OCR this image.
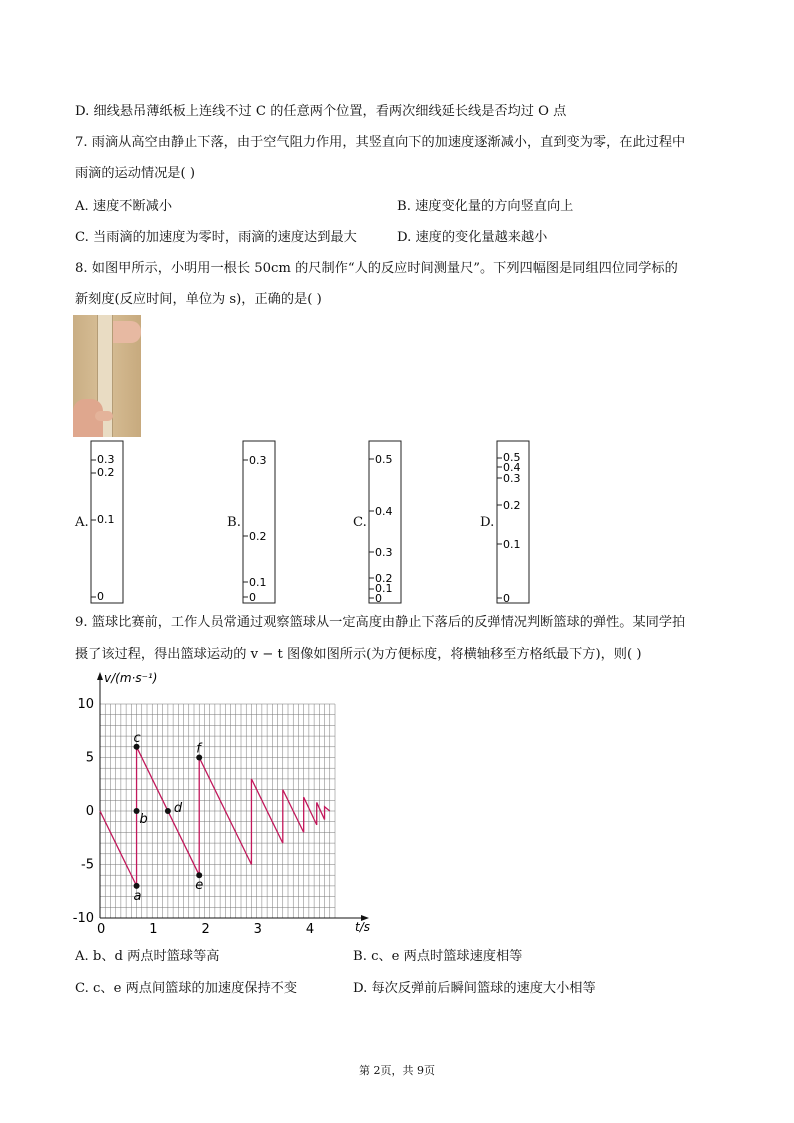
D. 细线悬吊薄纸板上连线不过 C 的任意两个位置，看两次细线延长线是否均过 O 点
7. 雨滴从高空由静止下落，由于空气阻力作用，其竖直向下的加速度逐渐减小，直到变为零，在此过程中
雨滴的运动情况是( )
A. 速度不断减小	B. 速度变化量的方向竖直向上
C. 当雨滴的加速度为零时，雨滴的速度达到最大	D. 速度的变化量越来越小
8. 如图甲所示，小明用一根长 50cm 的尺制作“人的反应时间测量尺”。下列四幅图是同组四位同学标的
新刻度(反应时间，单位为 s)，正确的是( )
A.
0.3
0.2
0.1
0
B.
0.3
0.2
0.1
0
C.
0.5
0.4
0.3
0.2
0.1
0
D.
0.5
0.4
0.3
0.2
0.1
0
9. 篮球比赛前，工作人员常通过观察篮球从一定高度由静止下落后的反弹情况判断篮球的弹性。某同学拍
摄了该过程，得出篮球运动的 v − t 图像如图所示(为方便标度，将横轴移至方格纸最下方)，则( )
0	1	2	3	4
10
5
0
-5
-10
a
b
c
d
e
f
v/(m·s⁻¹)
t/s
A. b、d 两点时篮球等高	B. c、e 两点时篮球速度相等
C. c、e 两点间篮球的加速度保持不变	D. 每次反弹前后瞬间篮球的速度大小相等
第 2页，共 9页
